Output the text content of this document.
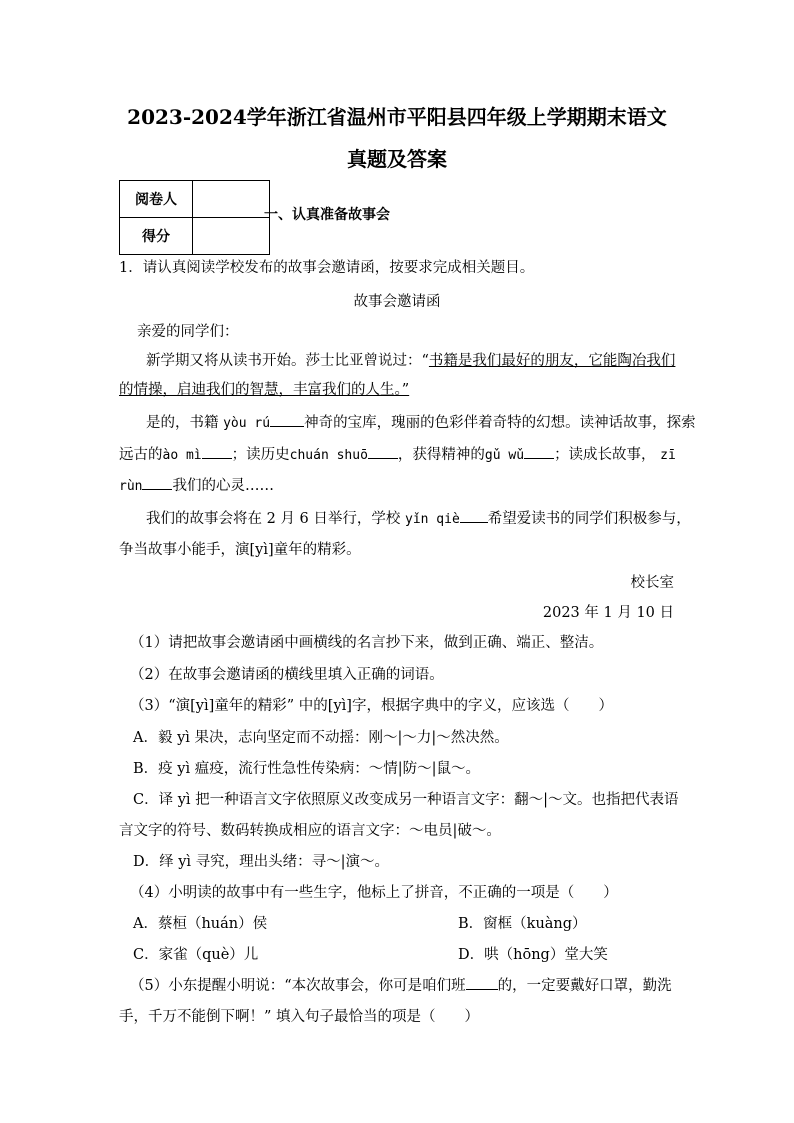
2023-2024学年浙江省温州市平阳县四年级上学期期末语文
真题及答案
阅卷人	
得分	
一、认真准备故事会
1．请认真阅读学校发布的故事会邀请函，按要求完成相关题目。
故事会邀请函
亲爱的同学们：
新学期又将从读书开始。莎士比亚曾说过：“书籍是我们最好的朋友，它能陶冶我们
的情操，启迪我们的智慧，丰富我们的人生。”
是的，书籍 yòu rú 神奇的宝库，瑰丽的色彩伴着奇特的幻想。读神话故事，探索
远古的ào mì ；读历史chuán shuō ，获得精神的gǔ wǔ ；读成长故事， zī
rùn 我们的心灵……
我们的故事会将在 2 月 6 日举行，学校 yǐn qiè 希望爱读书的同学们积极参与，
争当故事小能手，演[yì]童年的精彩。
校长室
2023 年 1 月 10 日
（1）请把故事会邀请函中画横线的名言抄下来，做到正确、端正、整洁。
（2）在故事会邀请函的横线里填入正确的词语。
（3）“演[yì]童年的精彩” 中的[yì]字，根据字典中的字义，应该选（　　）
A．毅 yì 果决，志向坚定而不动摇：刚～|～力|～然决然。
B．疫 yì 瘟疫，流行性急性传染病：～情|防～|鼠～。
C．译 yì 把一种语言文字依照原义改变成另一种语言文字：翻～|～文。也指把代表语
言文字的符号、数码转换成相应的语言文字：～电员|破～。
D．绎 yì 寻究，理出头绪：寻～|演～。
（4）小明读的故事中有一些生字，他标上了拼音，不正确的一项是（　　）
A．蔡桓（huán）侯	B．窗框（kuàng）
C．家雀（què）儿	D．哄（hōng）堂大笑
（5）小东提醒小明说：“本次故事会，你可是咱们班 的，一定要戴好口罩，勤洗
手，千万不能倒下啊！” 填入句子最恰当的项是（　　）
